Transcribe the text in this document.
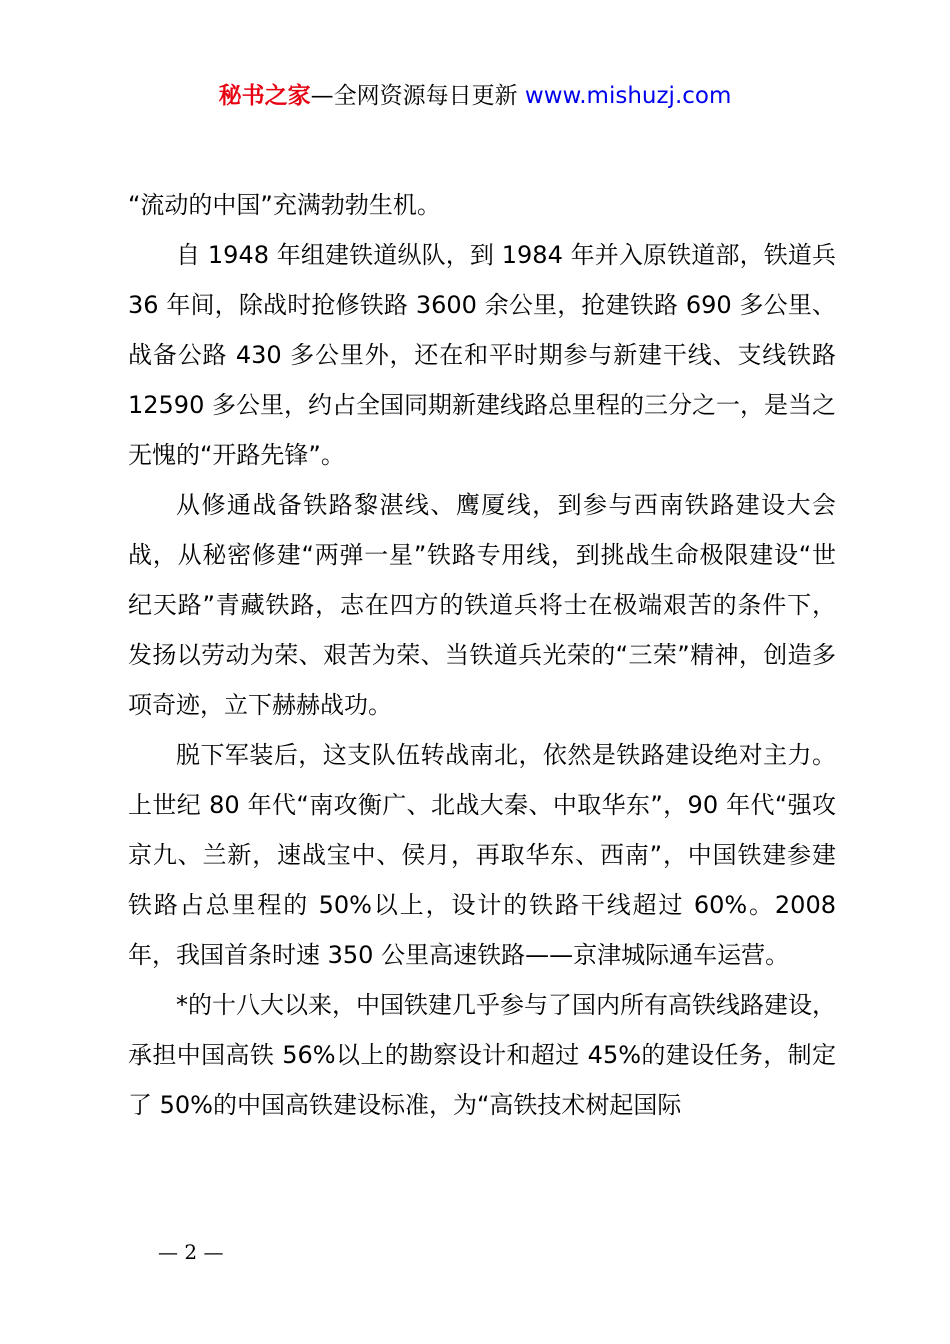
秘书之家—全网资源每日更新 www.mishuzj.com

“流动的中国”充满勃勃生机。

自 1948 年组建铁道纵队，到 1984 年并入原铁道部，铁道兵 36 年间，除战时抢修铁路 3600 余公里，抢建铁路 690 多公里、战备公路 430 多公里外，还在和平时期参与新建干线、支线铁路 12590 多公里，约占全国同期新建线路总里程的三分之一，是当之无愧的“开路先锋”。

从修通战备铁路黎湛线、鹰厦线，到参与西南铁路建设大会战，从秘密修建“两弹一星”铁路专用线，到挑战生命极限建设“世纪天路”青藏铁路，志在四方的铁道兵将士在极端艰苦的条件下，发扬以劳动为荣、艰苦为荣、当铁道兵光荣的“三荣”精神，创造多项奇迹，立下赫赫战功。

脱下军装后，这支队伍转战南北，依然是铁路建设绝对主力。上世纪 80 年代“南攻衡广、北战大秦、中取华东”，90 年代“强攻京九、兰新，速战宝中、侯月，再取华东、西南”，中国铁建参建铁路占总里程的 50%以上，设计的铁路干线超过 60%。2008 年，我国首条时速 350 公里高速铁路——京津城际通车运营。

*的十八大以来，中国铁建几乎参与了国内所有高铁线路建设，承担中国高铁 56%以上的勘察设计和超过 45%的建设任务，制定了 50%的中国高铁建设标准，为“高铁技术树起国际

— 2 —
